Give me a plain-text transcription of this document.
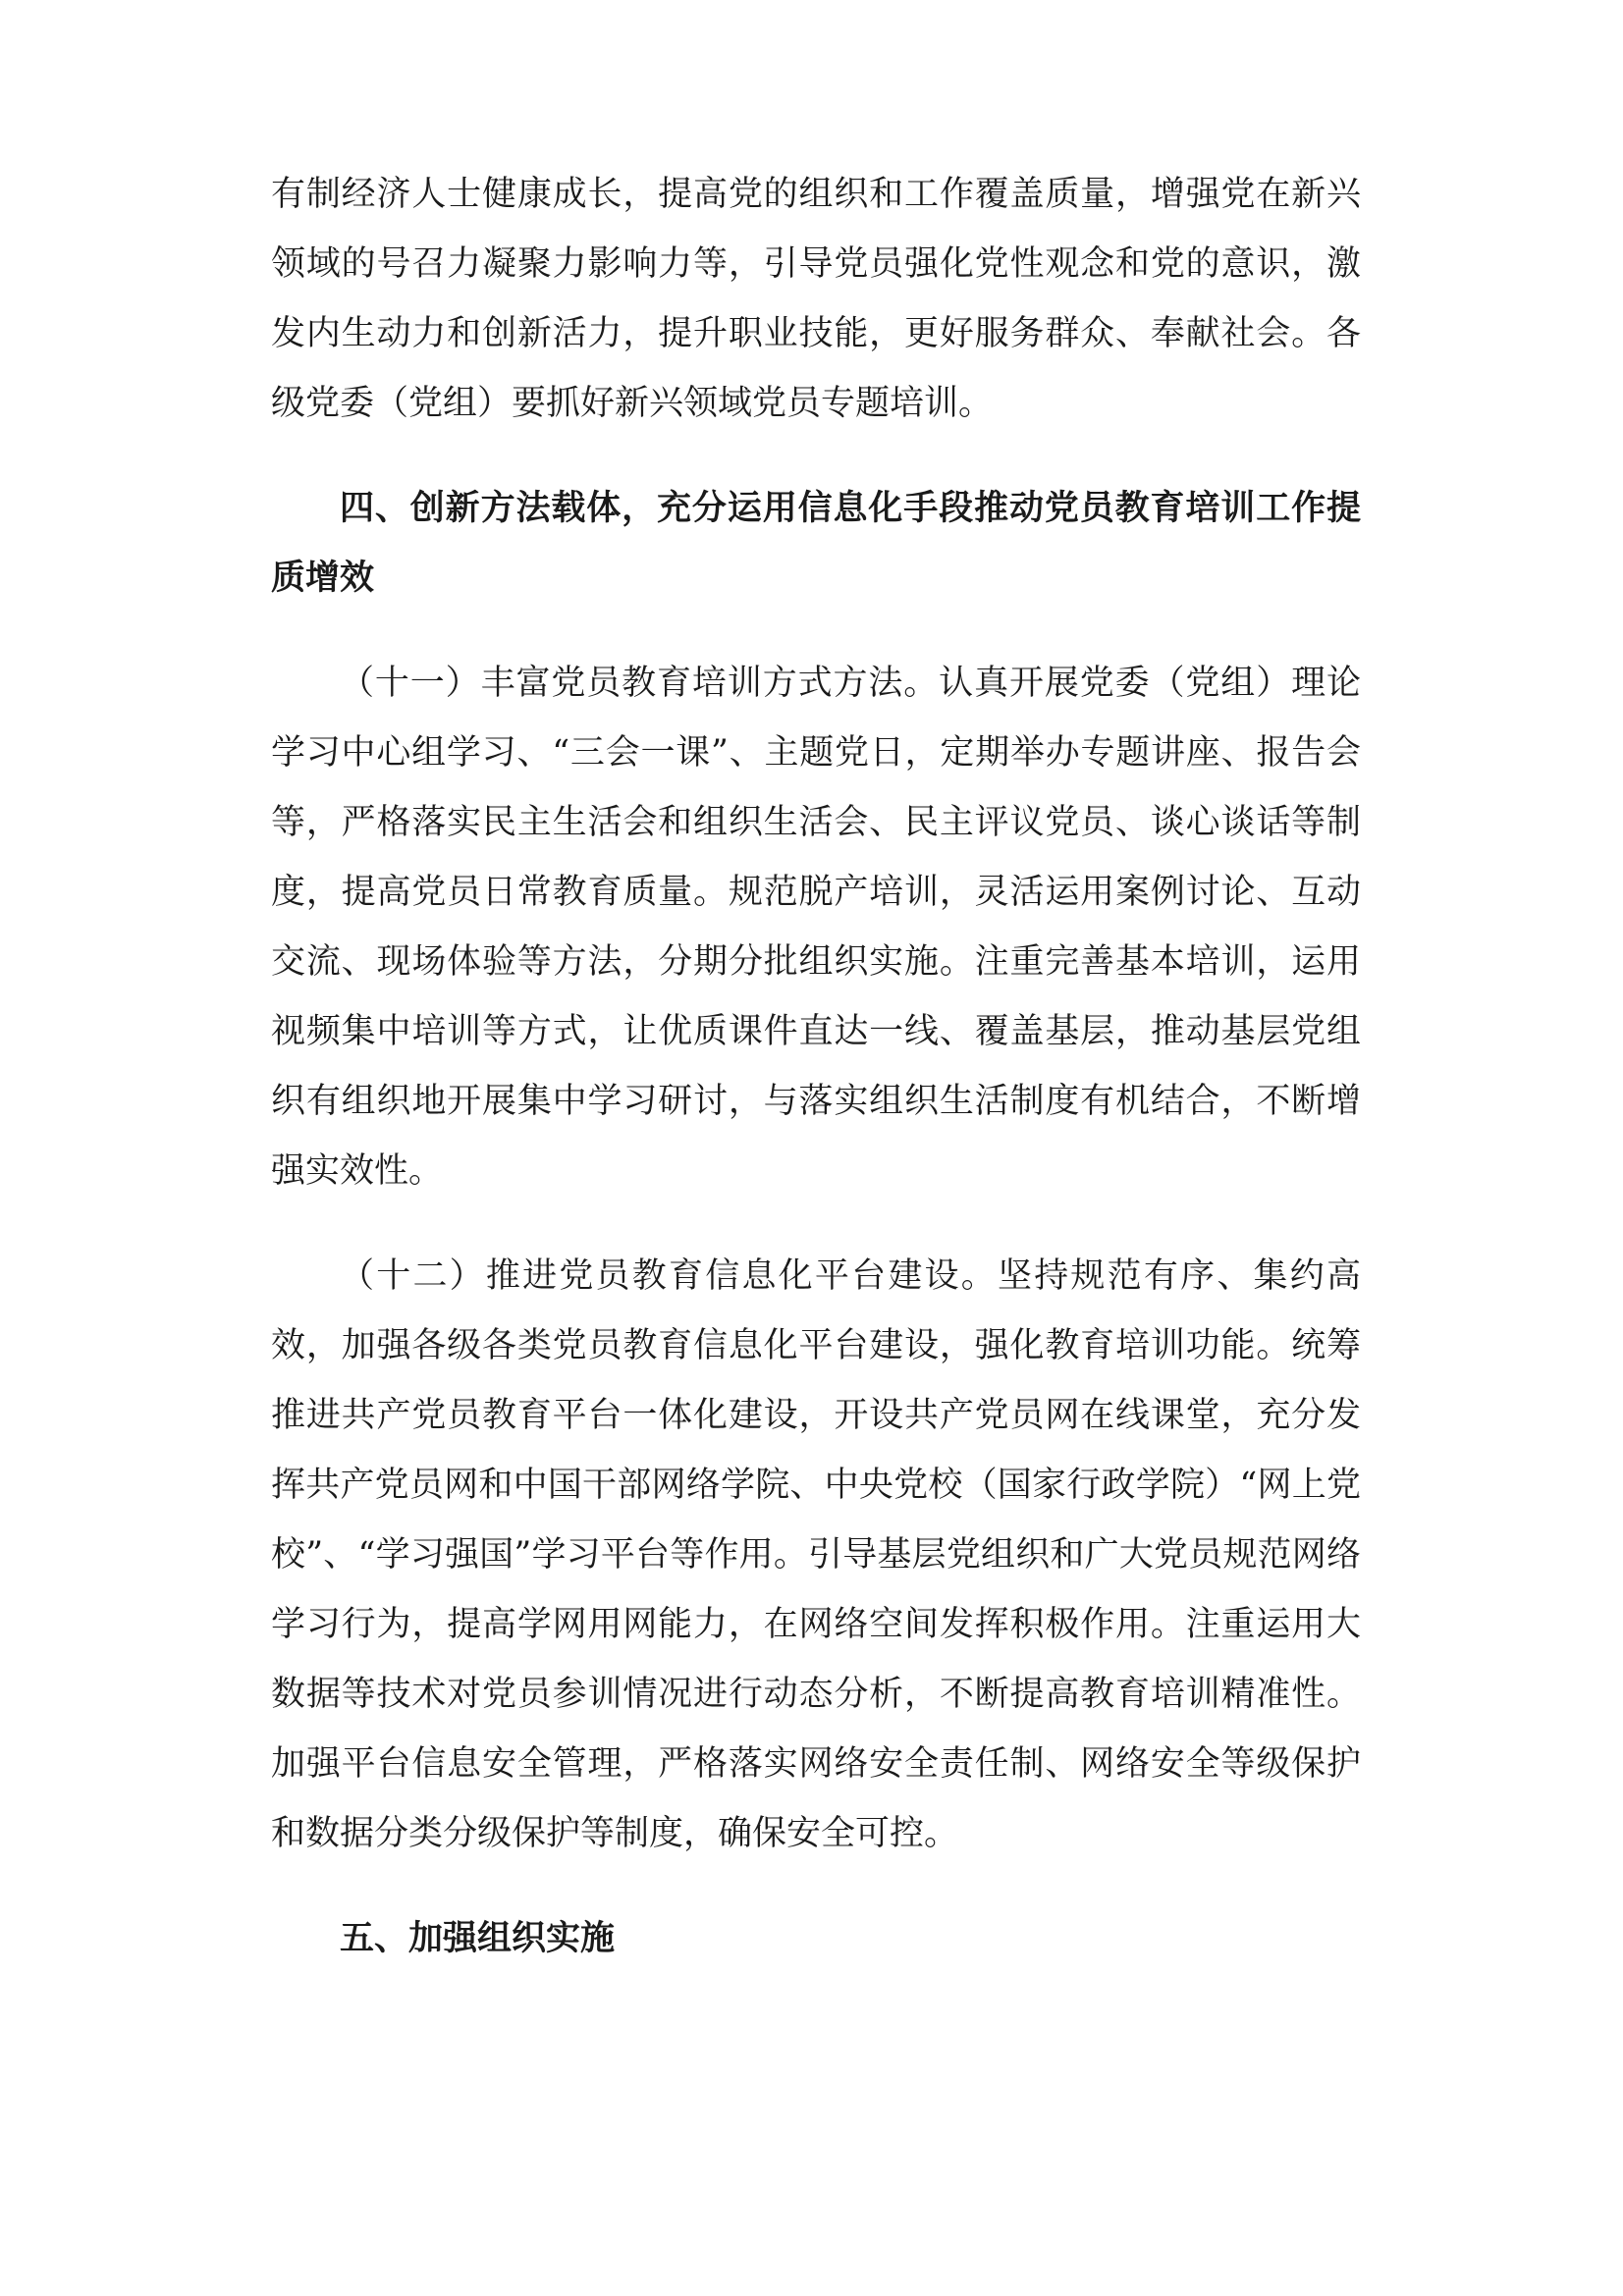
有制经济人士健康成长，提高党的组织和工作覆盖质量，增强党在新兴领域的号召力凝聚力影响力等，引导党员强化党性观念和党的意识，激发内生动力和创新活力，提升职业技能，更好服务群众、奉献社会。各级党委（党组）要抓好新兴领域党员专题培训。

四、创新方法载体，充分运用信息化手段推动党员教育培训工作提质增效

（十一）丰富党员教育培训方式方法。认真开展党委（党组）理论学习中心组学习、“三会一课”、主题党日，定期举办专题讲座、报告会等，严格落实民主生活会和组织生活会、民主评议党员、谈心谈话等制度，提高党员日常教育质量。规范脱产培训，灵活运用案例讨论、互动交流、现场体验等方法，分期分批组织实施。注重完善基本培训，运用视频集中培训等方式，让优质课件直达一线、覆盖基层，推动基层党组织有组织地开展集中学习研讨，与落实组织生活制度有机结合，不断增强实效性。

（十二）推进党员教育信息化平台建设。坚持规范有序、集约高效，加强各级各类党员教育信息化平台建设，强化教育培训功能。统筹推进共产党员教育平台一体化建设，开设共产党员网在线课堂，充分发挥共产党员网和中国干部网络学院、中央党校（国家行政学院）“网上党校”、“学习强国”学习平台等作用。引导基层党组织和广大党员规范网络学习行为，提高学网用网能力，在网络空间发挥积极作用。注重运用大数据等技术对党员参训情况进行动态分析，不断提高教育培训精准性。加强平台信息安全管理，严格落实网络安全责任制、网络安全等级保护和数据分类分级保护等制度，确保安全可控。

五、加强组织实施
